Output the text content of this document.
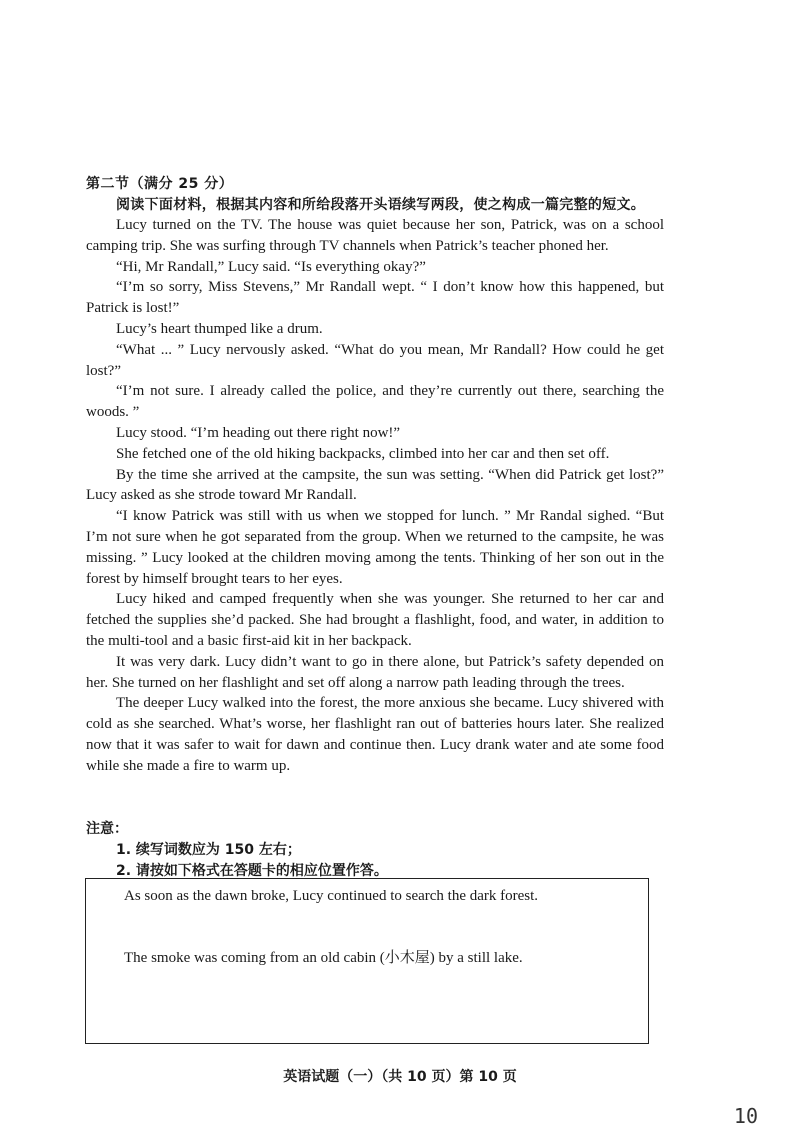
第二节（满分 25 分）
阅读下面材料，根据其内容和所给段落开头语续写两段，使之构成一篇完整的短文。

Lucy turned on the TV. The house was quiet because her son, Patrick, was on a school camping trip. She was surfing through TV channels when Patrick’s teacher phoned her.

“Hi, Mr Randall,” Lucy said. “Is everything okay?”

“I’m so sorry, Miss Stevens,” Mr Randall wept. “ I don’t know how this happened, but Patrick is lost!”

Lucy’s heart thumped like a drum.

“What ... ” Lucy nervously asked. “What do you mean, Mr Randall? How could he get lost?”

“I’m not sure. I already called the police, and they’re currently out there, searching the woods. ”

Lucy stood. “I’m heading out there right now!”

She fetched one of the old hiking backpacks, climbed into her car and then set off.

By the time she arrived at the campsite, the sun was setting. “When did Patrick get lost?” Lucy asked as she strode toward Mr Randall.

“I know Patrick was still with us when we stopped for lunch. ” Mr Randal sighed. “But I’m not sure when he got separated from the group. When we returned to the campsite, he was missing. ” Lucy looked at the children moving among the tents. Thinking of her son out in the forest by himself brought tears to her eyes.

Lucy hiked and camped frequently when she was younger. She returned to her car and fetched the supplies she’d packed. She had brought a flashlight, food, and water, in addition to the multi-tool and a basic first-aid kit in her backpack.

It was very dark. Lucy didn’t want to go in there alone, but Patrick’s safety depended on her. She turned on her flashlight and set off along a narrow path leading through the trees.

The deeper Lucy walked into the forest, the more anxious she became. Lucy shivered with cold as she searched. What’s worse, her flashlight ran out of batteries hours later. She realized now that it was safer to wait for dawn and continue then. Lucy drank water and ate some food while she made a fire to warm up.

注意：
1. 续写词数应为 150 左右；
2. 请按如下格式在答题卡的相应位置作答。
As soon as the dawn broke, Lucy continued to search the dark forest.
The smoke was coming from an old cabin (小木屋) by a still lake.
英语试题（一）（共 10 页）第 10 页
10
